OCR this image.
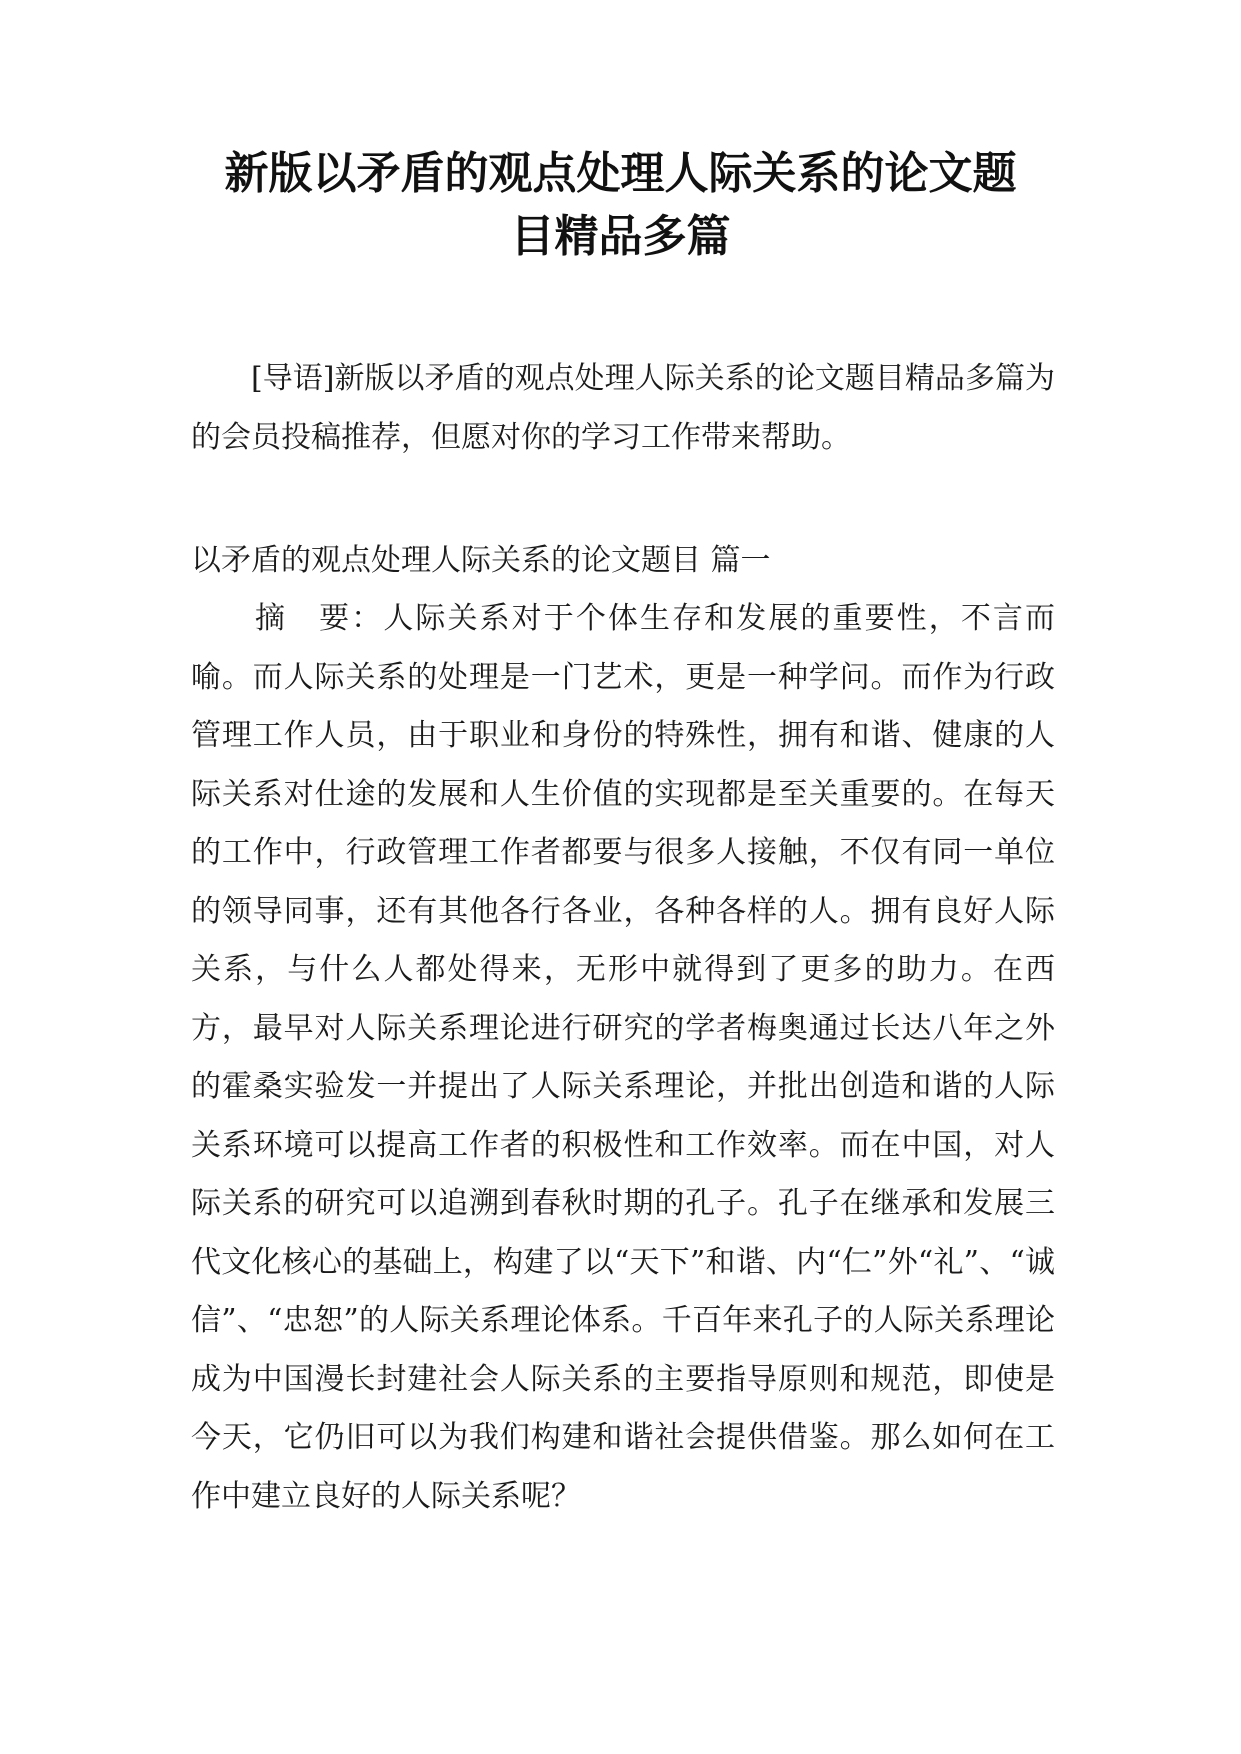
新版以矛盾的观点处理人际关系的论文题
目精品多篇

[导语]新版以矛盾的观点处理人际关系的论文题目精品多篇为的会员投稿推荐，但愿对你的学习工作带来帮助。

以矛盾的观点处理人际关系的论文题目 篇一

摘　要：人际关系对于个体生存和发展的重要性，不言而喻。而人际关系的处理是一门艺术，更是一种学问。而作为行政管理工作人员，由于职业和身份的特殊性，拥有和谐、健康的人际关系对仕途的发展和人生价值的实现都是至关重要的。在每天的工作中，行政管理工作者都要与很多人接触，不仅有同一单位的领导同事，还有其他各行各业，各种各样的人。拥有良好人际关系，与什么人都处得来，无形中就得到了更多的助力。在西方，最早对人际关系理论进行研究的学者梅奥通过长达八年之外的霍桑实验发一并提出了人际关系理论，并批出创造和谐的人际关系环境可以提高工作者的积极性和工作效率。而在中国，对人际关系的研究可以追溯到春秋时期的孔子。孔子在继承和发展三代文化核心的基础上，构建了以“天下”和谐、内“仁”外“礼”、“诚信”、“忠恕”的人际关系理论体系。千百年来孔子的人际关系理论成为中国漫长封建社会人际关系的主要指导原则和规范，即使是今天，它仍旧可以为我们构建和谐社会提供借鉴。那么如何在工作中建立良好的人际关系呢？
